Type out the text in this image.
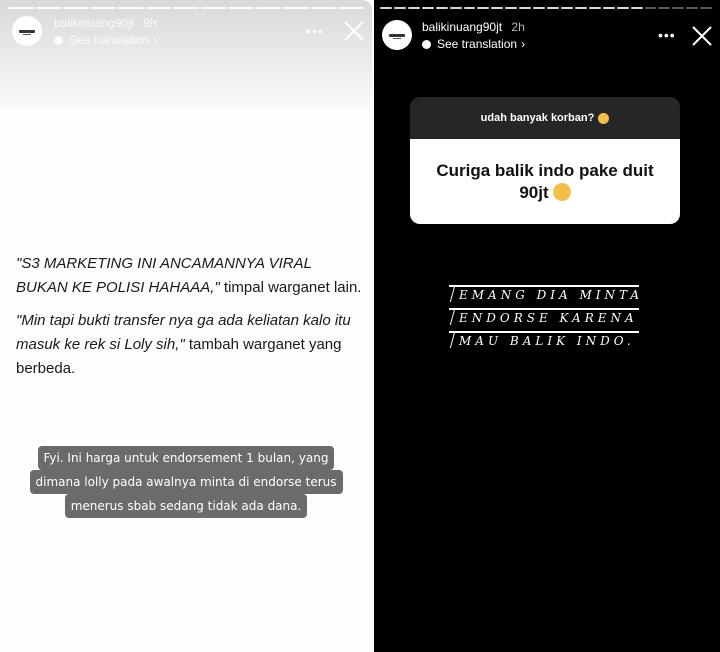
balikinuang90jt 9h
See translation ›
•••

"S3 MARKETING INI ANCAMANNYA VIRAL BUKAN KE POLISI HAHAAA," timpal warganet lain.

"Min tapi bukti transfer nya ga ada keliatan kalo itu masuk ke rek si Loly sih," tambah warganet yang berbeda.

Fyi. Ini harga untuk endorsement 1 bulan, yang
dimana lolly pada awalnya minta di endorse terus
menerus sbab sedang tidak ada dana.
balikinuang90jt 2h
See translation ›
•••
udah banyak korban?
Curiga balik indo pake duit 90jt
EMANG DIA MINTA
ENDORSE KARENA
MAU BALIK INDO.
